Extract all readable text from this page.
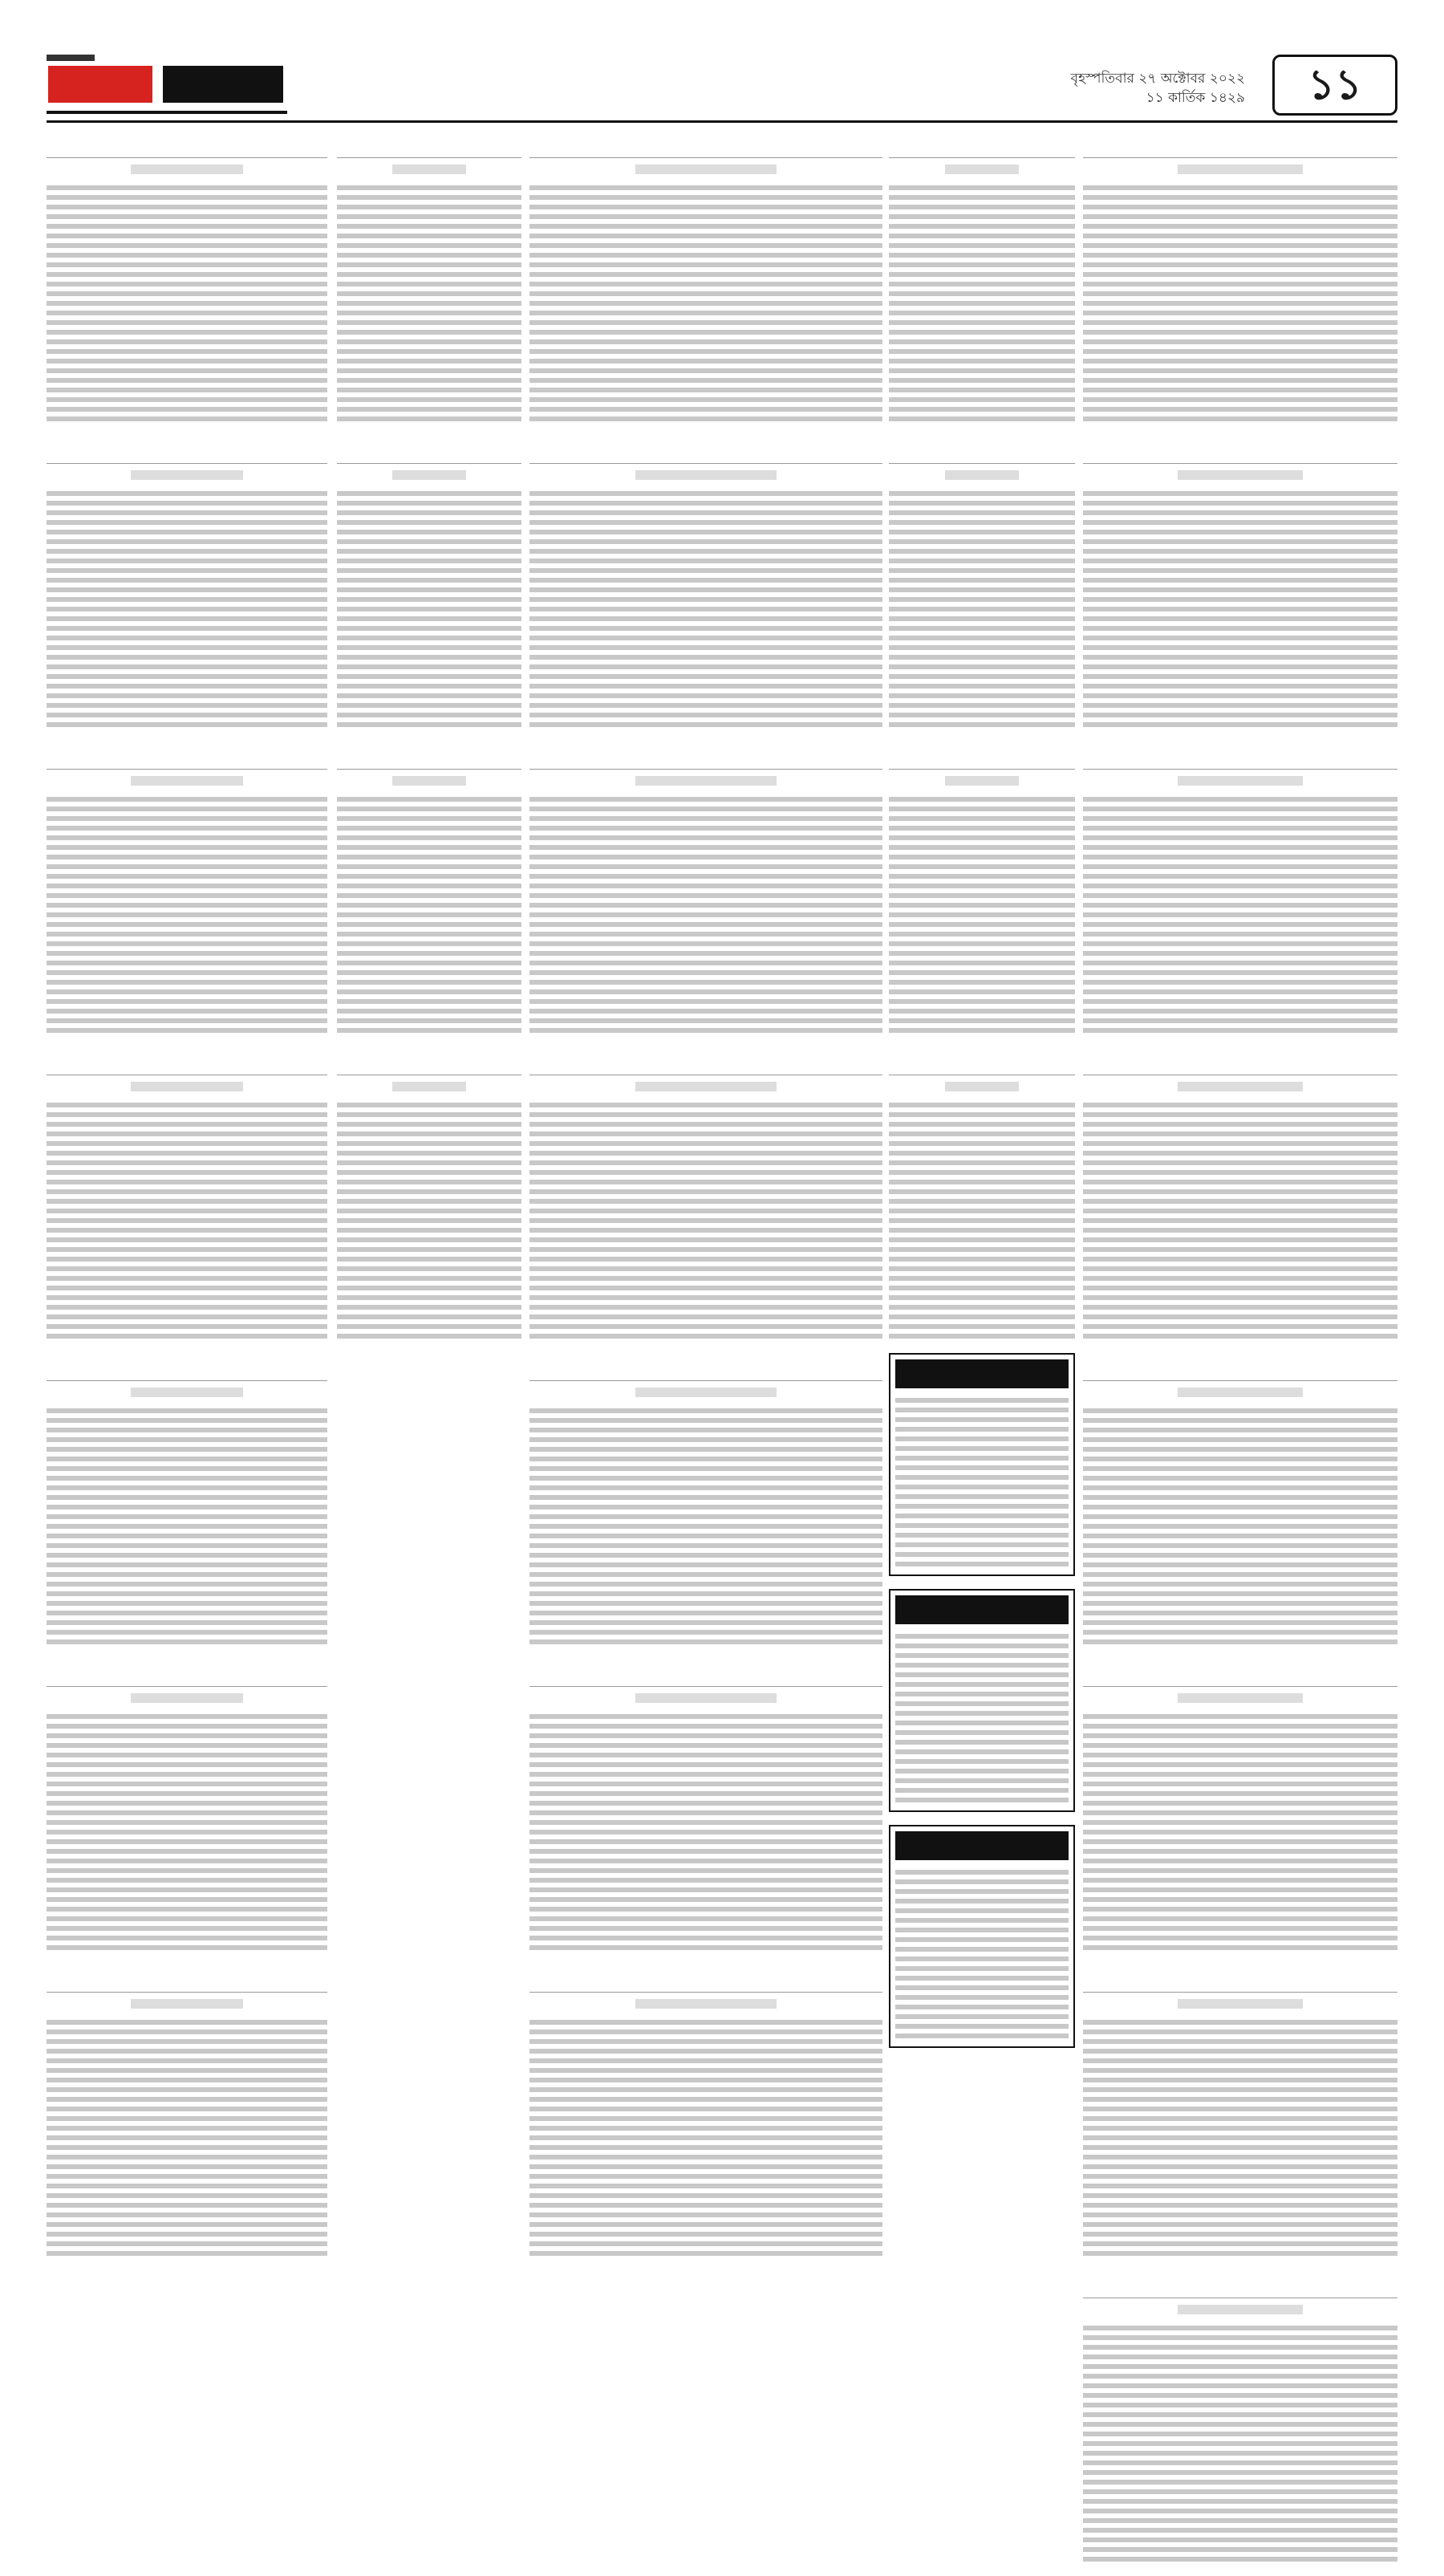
বৃহস্পতিবার ২৭ অক্টোবর ২০২২
১১ কার্তিক ১৪২৯	১১
